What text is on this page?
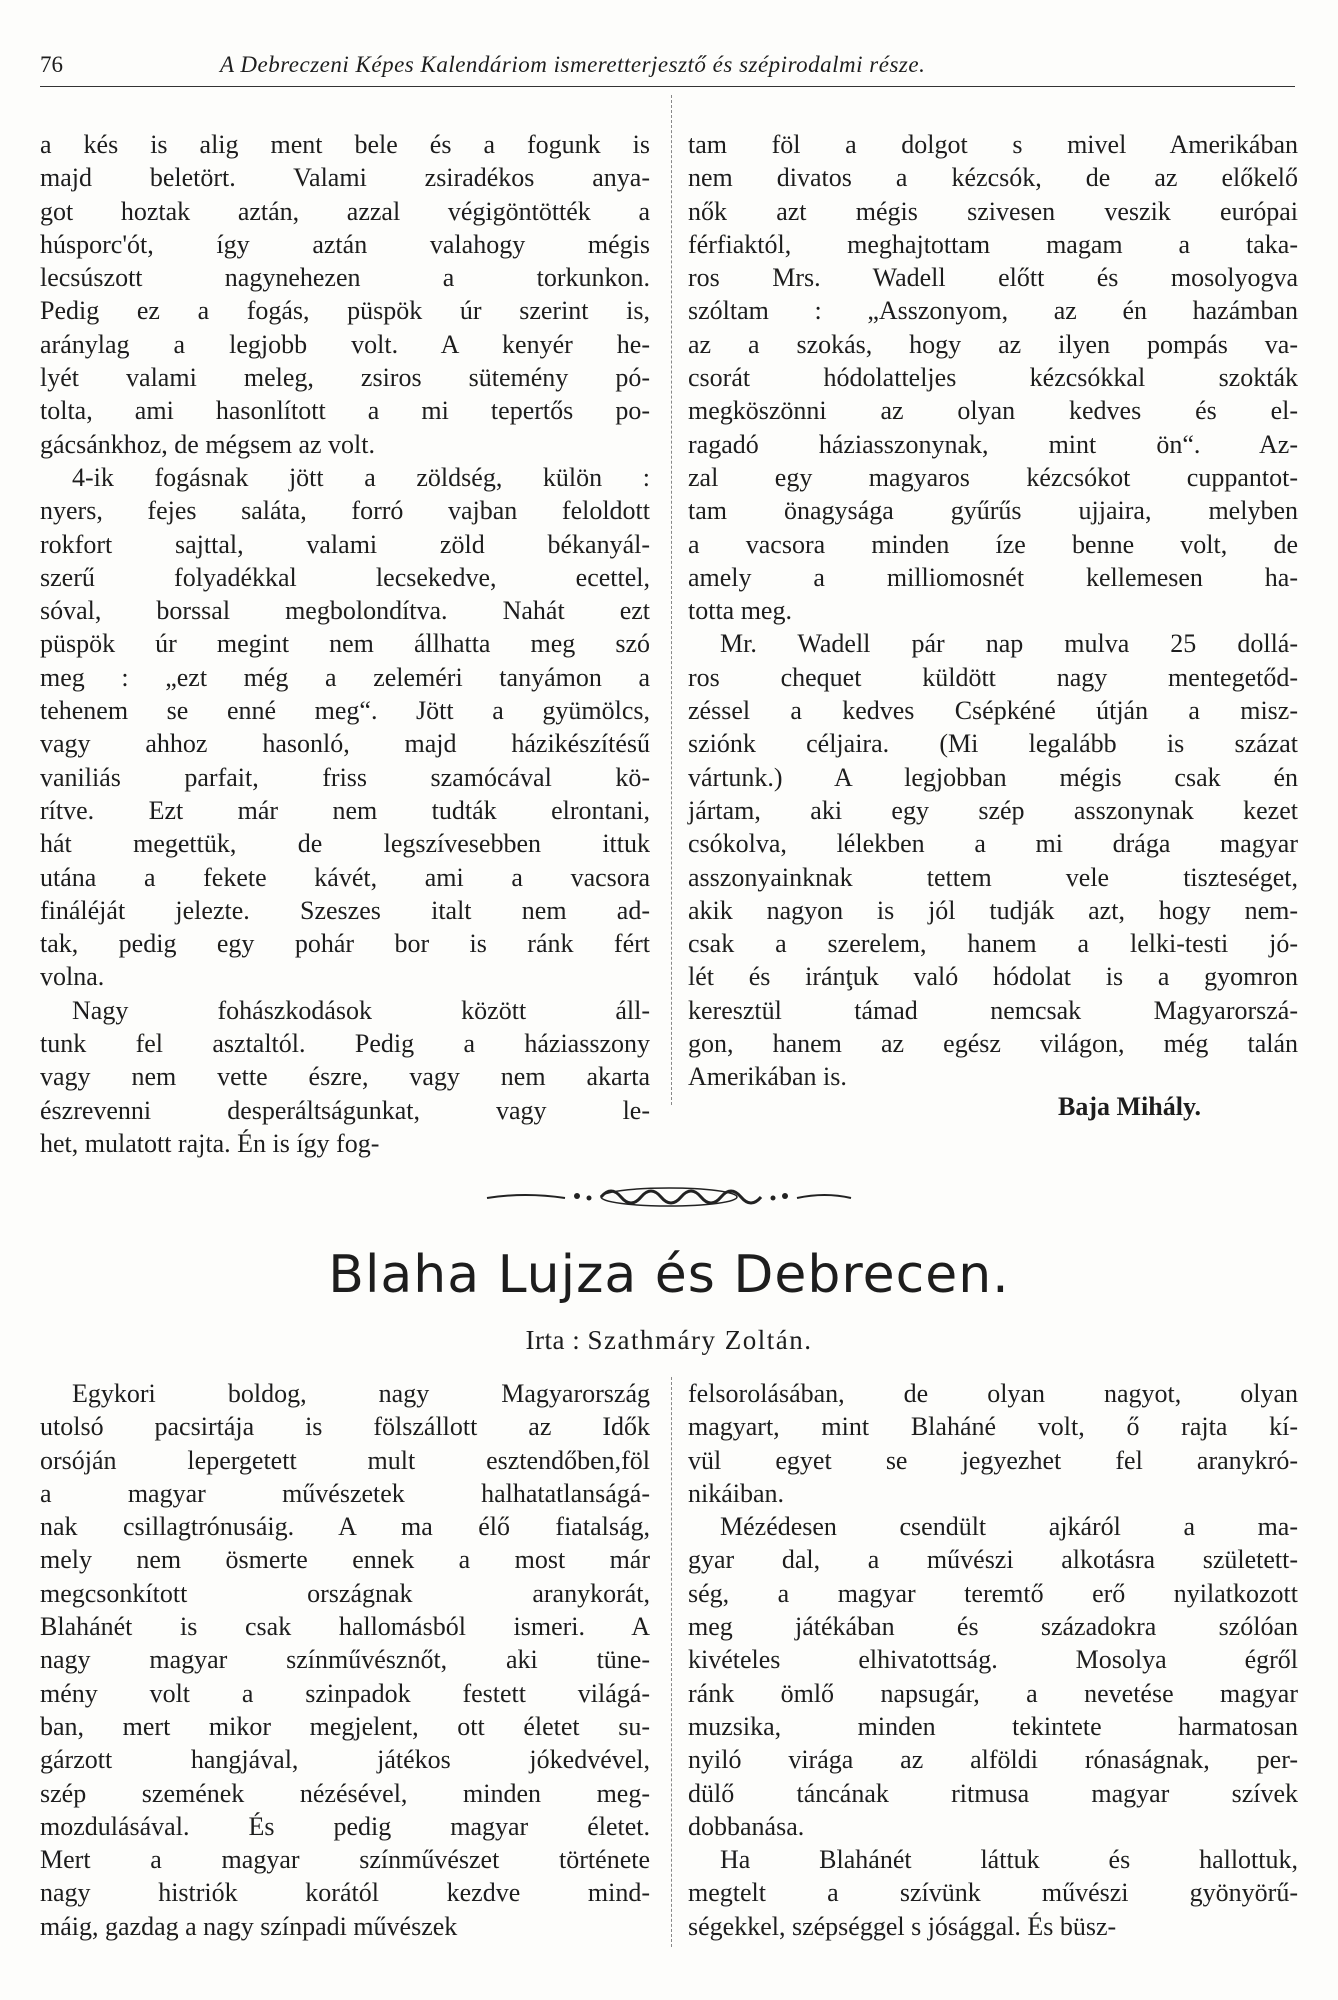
76	A Debreczeni Képes Kalendáriom ismeretterjesztő és szépirodalmi része.
a kés is alig ment bele és a fogunk is
majd beletört. Valami zsiradékos anya-
got hoztak aztán, azzal végigöntötték a
húsporc'ót, így aztán valahogy mégis
lecsúszott nagynehezen a torkunkon.
Pedig ez a fogás, püspök úr szerint is,
aránylag a legjobb volt. A kenyér he-
lyét valami meleg, zsiros sütemény pó-
tolta, ami hasonlított a mi tepertős po-
gácsánkhoz, de mégsem az volt.
4-ik fogásnak jött a zöldség, külön :
nyers, fejes saláta, forró vajban feloldott
rokfort sajttal, valami zöld békanyál-
szerű folyadékkal lecsekedve, ecettel,
sóval, borssal megbolondítva. Nahát ezt
püspök úr megint nem állhatta meg szó
meg : „ezt még a zeleméri tanyámon a
tehenem se enné meg“. Jött a gyümölcs,
vagy ahhoz hasonló, majd házikészítésű
vaniliás parfait, friss szamócával kö-
rítve. Ezt már nem tudták elrontani,
hát megettük, de legszívesebben ittuk
utána a fekete kávét, ami a vacsora
fináléját jelezte. Szeszes italt nem ad-
tak, pedig egy pohár bor is ránk fért
volna.
Nagy fohászkodások között áll-
tunk fel asztaltól. Pedig a háziasszony
vagy nem vette észre, vagy nem akarta
észrevenni desperáltságunkat, vagy le-
het, mulatott rajta. Én is így fog-
tam föl a dolgot s mivel Amerikában
nem divatos a kézcsók, de az előkelő
nők azt mégis szivesen veszik európai
férfiaktól, meghajtottam magam a taka-
ros Mrs. Wadell előtt és mosolyogva
szóltam : „Asszonyom, az én hazámban
az a szokás, hogy az ilyen pompás va-
csorát hódolatteljes kézcsókkal szokták
megköszönni az olyan kedves és el-
ragadó háziasszonynak, mint ön“. Az-
zal egy magyaros kézcsókot cuppantot-
tam önagysága gyűrűs ujjaira, melyben
a vacsora minden íze benne volt, de
amely a milliomosnét kellemesen ha-
totta meg.
Mr. Wadell pár nap mulva 25 dollá-
ros chequet küldött nagy mentegetőd-
zéssel a kedves Csépkéné útján a misz-
sziónk céljaira. (Mi legalább is százat
vártunk.) A legjobban mégis csak én
jártam, aki egy szép asszonynak kezet
csókolva, lélekben a mi drága magyar
asszonyainknak tettem vele tiszteséget,
akik nagyon is jól tudják azt, hogy nem-
csak a szerelem, hanem a lelki-testi jó-
lét és iránţuk való hódolat is a gyomron
keresztül támad nemcsak Magyarorszá-
gon, hanem az egész világon, még talán
Amerikában is.
Baja Mihály.
Blaha Lujza és Debrecen.
Irta : Szathmáry Zoltán.
Egykori boldog, nagy Magyarország
utolsó pacsirtája is fölszállott az Idők
orsóján lepergetett mult esztendőben,föl
a magyar művészetek halhatatlanságá-
nak csillagtrónusáig. A ma élő fiatalság,
mely nem ösmerte ennek a most már
megcsonkított országnak aranykorát,
Blahánét is csak hallomásból ismeri. A
nagy magyar színművésznőt, aki tüne-
mény volt a szinpadok festett világá-
ban, mert mikor megjelent, ott életet su-
gárzott hangjával, játékos jókedvével,
szép szemének nézésével, minden meg-
mozdulásával. És pedig magyar életet.
Mert a magyar színművészet története
nagy histriók korától kezdve mind-
máig, gazdag a nagy színpadi művészek
felsorolásában, de olyan nagyot, olyan
magyart, mint Blaháné volt, ő rajta kí-
vül egyet se jegyezhet fel aranykró-
nikáiban.
Mézédesen csendült ajkáról a ma-
gyar dal, a művészi alkotásra született-
ség, a magyar teremtő erő nyilatkozott
meg játékában és századokra szólóan
kivételes elhivatottság. Mosolya égről
ránk ömlő napsugár, a nevetése magyar
muzsika, minden tekintete harmatosan
nyiló virága az alföldi rónaságnak, per-
dülő táncának ritmusa magyar szívek
dobbanása.
Ha Blahánét láttuk és hallottuk,
megtelt a szívünk művészi gyönyörű-
ségekkel, szépséggel s jósággal. És büsz-
